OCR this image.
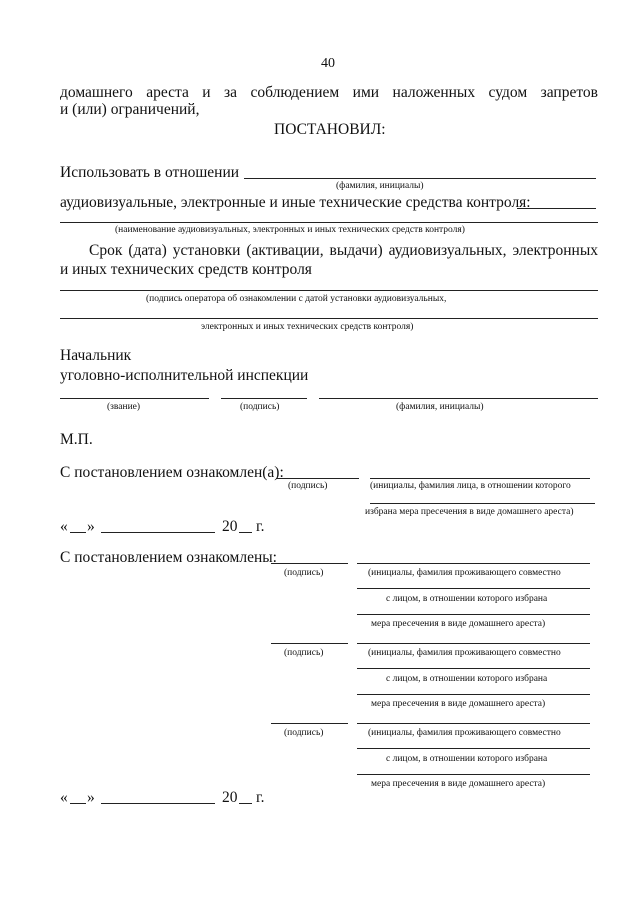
40
домашнего ареста и за соблюдением ими наложенных судом запретов
и (или) ограничений,
ПОСТАНОВИЛ:
Использовать в отношении
(фамилия, инициалы)
аудиовизуальные, электронные и иные технические средства контроля:
(наименование аудиовизуальных, электронных и иных технических средств контроля)
Срок (дата) установки (активации, выдачи) аудиовизуальных, электронных
и иных технических средств контроля
(подпись оператора об ознакомлении с датой установки аудиовизуальных,
электронных и иных технических средств контроля)
Начальник
уголовно-исполнительной инспекции
(звание)	(подпись)	(фамилия, инициалы)
М.П.
С постановлением ознакомлен(а):
(подпись)	(инициалы, фамилия лица, в отношении которого
избрана мера пресечения в виде домашнего ареста)
« »	20 г.
С постановлением ознакомлены:
(подпись)	(инициалы, фамилия проживающего совместно
с лицом, в отношении которого избрана
мера пресечения в виде домашнего ареста)
(подпись)	(инициалы, фамилия проживающего совместно
с лицом, в отношении которого избрана
мера пресечения в виде домашнего ареста)
(подпись)	(инициалы, фамилия проживающего совместно
с лицом, в отношении которого избрана
мера пресечения в виде домашнего ареста)
« »	20 г.
